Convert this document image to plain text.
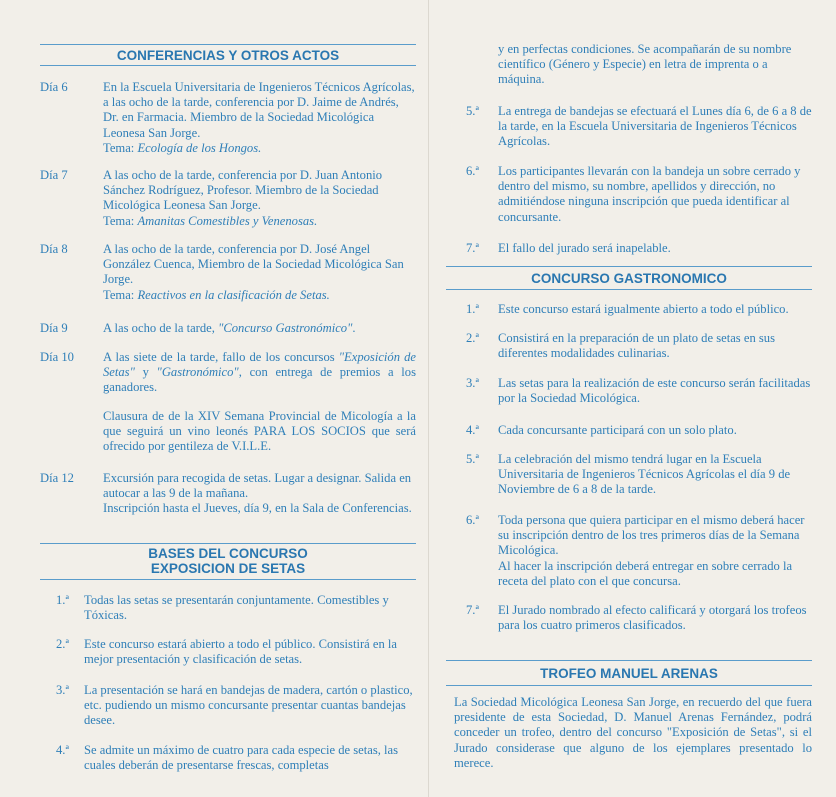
CONFERENCIAS Y OTROS ACTOS
Día 6	En la Escuela Universitaria de Ingenieros Técnicos Agrícolas, a las ocho de la tarde, conferencia por D. Jaime de Andrés, Dr. en Farmacia. Miembro de la Sociedad Micológica Leonesa San Jorge.
Tema: Ecología de los Hongos.

Día 7	A las ocho de la tarde, conferencia por D. Juan Antonio Sánchez Rodríguez, Profesor. Miembro de la Sociedad Micológica Leonesa San Jorge.
Tema: Amanitas Comestibles y Venenosas.

Día 8	A las ocho de la tarde, conferencia por D. José Angel González Cuenca, Miembro de la Sociedad Micológica San Jorge.
Tema: Reactivos en la clasificación de Setas.

Día 9	A las ocho de la tarde, "Concurso Gastronómico".

Día 10 A las siete de la tarde, fallo de los concursos "Exposición de Setas" y "Gastronómico", con entrega de premios a los ganadores.

Clausura de de la XIV Semana Provincial de Micología a la que seguirá un vino leonés PARA LOS SOCIOS que será ofrecido por gentileza de V.I.L.E.

Día 12 Excursión para recogida de setas. Lugar a designar. Salida en autocar a las 9 de la mañana.
Inscripción hasta el Jueves, día 9, en la Sala de Conferencias.

BASES DEL CONCURSO
EXPOSICION DE SETAS
1.ª Todas las setas se presentarán conjuntamente. Comestibles y Tóxicas.
2.ª Este concurso estará abierto a todo el público. Consistirá en la mejor presentación y clasificación de setas.
3.ª La presentación se hará en bandejas de madera, cartón o plastico, etc. pudiendo un mismo concursante presentar cuantas bandejas desee.
4.ª Se admite un máximo de cuatro para cada especie de setas, las cuales deberán de presentarse frescas, completas
y en perfectas condiciones. Se acompañarán de su nombre científico (Género y Especie) en letra de imprenta o a máquina.
5.ª La entrega de bandejas se efectuará el Lunes día 6, de 6 a 8 de la tarde, en la Escuela Universitaria de Ingenieros Técnicos Agrícolas.
6.ª Los participantes llevarán con la bandeja un sobre cerrado y dentro del mismo, su nombre, apellidos y dirección, no admitiéndose ninguna inscripción que pueda identificar al concursante.
7.ª El fallo del jurado será inapelable.
CONCURSO GASTRONOMICO
1.ª Este concurso estará igualmente abierto a todo el público.
2.ª Consistirá en la preparación de un plato de setas en sus diferentes modalidades culinarias.
3.ª Las setas para la realización de este concurso serán facilitadas por la Sociedad Micológica.
4.ª Cada concursante participará con un solo plato.
5.ª La celebración del mismo tendrá lugar en la Escuela Universitaria de Ingenieros Técnicos Agrícolas el día 9 de Noviembre de 6 a 8 de la tarde.
6.ª Toda persona que quiera participar en el mismo deberá hacer su inscripción dentro de los tres primeros días de la Semana Micológica.
Al hacer la inscripción deberá entregar en sobre cerrado la receta del plato con el que concursa.

7.ª El Jurado nombrado al efecto calificará y otorgará los trofeos para los cuatro primeros clasificados.
TROFEO MANUEL ARENAS
La Sociedad Micológica Leonesa San Jorge, en recuerdo del que fuera presidente de esta Sociedad, D. Manuel Arenas Fernández, podrá conceder un trofeo, dentro del concurso "Exposición de Setas", si el Jurado considerase que alguno de los ejemplares presentado lo merece.
